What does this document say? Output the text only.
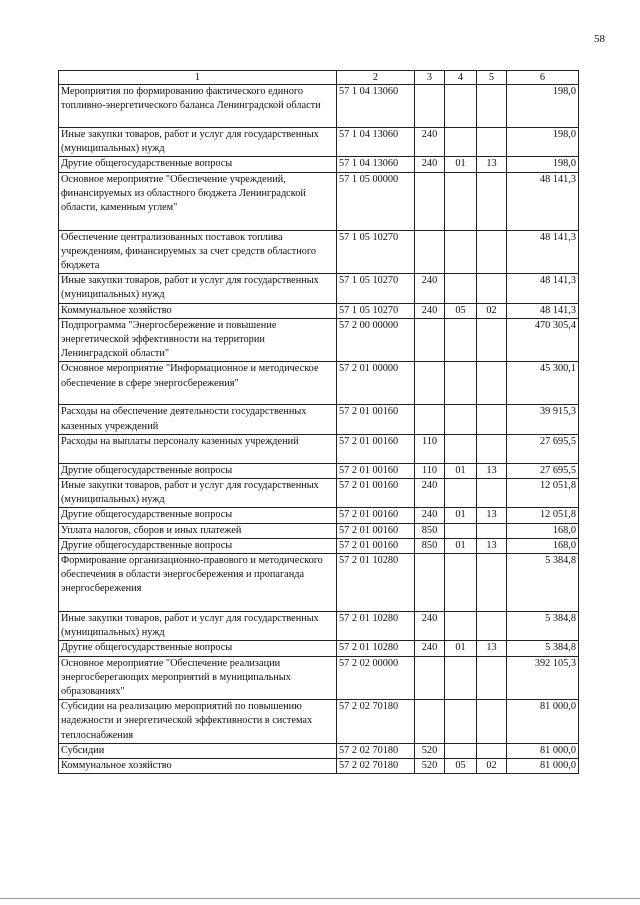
58
1	2	3	4	5	6
Мероприятия по формированию фактического единого топливно-энергетического баланса Ленинградской области	57 1 04 13060				198,0
Иные закупки товаров, работ и услуг для государственных (муниципальных) нужд	57 1 04 13060	240			198,0
Другие общегосударственные вопросы	57 1 04 13060	240	01	13	198,0
Основное мероприятие "Обеспечение учреждений, финансируемых из областного бюджета Ленинградской области, каменным углем"	57 1 05 00000				48 141,3
Обеспечение централизованных поставок топлива учреждениям, финансируемых за счет средств областного бюджета	57 1 05 10270				48 141,3
Иные закупки товаров, работ и услуг для государственных (муниципальных) нужд	57 1 05 10270	240			48 141,3
Коммунальное хозяйство	57 1 05 10270	240	05	02	48 141,3
Подпрограмма "Энергосбережение и повышение энергетической эффективности на территории Ленинградской области"	57 2 00 00000				470 305,4
Основное мероприятие "Информационное и методическое обеспечение в сфере энергосбережения"	57 2 01 00000				45 300,1
Расходы на обеспечение деятельности государственных казенных учреждений	57 2 01 00160				39 915,3
Расходы на выплаты персоналу казенных учреждений	57 2 01 00160	110			27 695,5
Другие общегосударственные вопросы	57 2 01 00160	110	01	13	27 695,5
Иные закупки товаров, работ и услуг для государственных (муниципальных) нужд	57 2 01 00160	240			12 051,8
Другие общегосударственные вопросы	57 2 01 00160	240	01	13	12 051,8
Уплата налогов, сборов и иных платежей	57 2 01 00160	850			168,0
Другие общегосударственные вопросы	57 2 01 00160	850	01	13	168,0
Формирование организационно-правового и методического обеспечения в области энергосбережения и пропаганда энергосбережения	57 2 01 10280				5 384,8
Иные закупки товаров, работ и услуг для государственных (муниципальных) нужд	57 2 01 10280	240			5 384,8
Другие общегосударственные вопросы	57 2 01 10280	240	01	13	5 384,8
Основное мероприятие "Обеспечение реализации энергосберегающих мероприятий в муниципальных образованиях"	57 2 02 00000				392 105,3
Субсидии на реализацию мероприятий по повышению надежности и энергетической эффективности в системах теплоснабжения	57 2 02 70180				81 000,0
Субсидии	57 2 02 70180	520			81 000,0
Коммунальное хозяйство	57 2 02 70180	520	05	02	81 000,0
